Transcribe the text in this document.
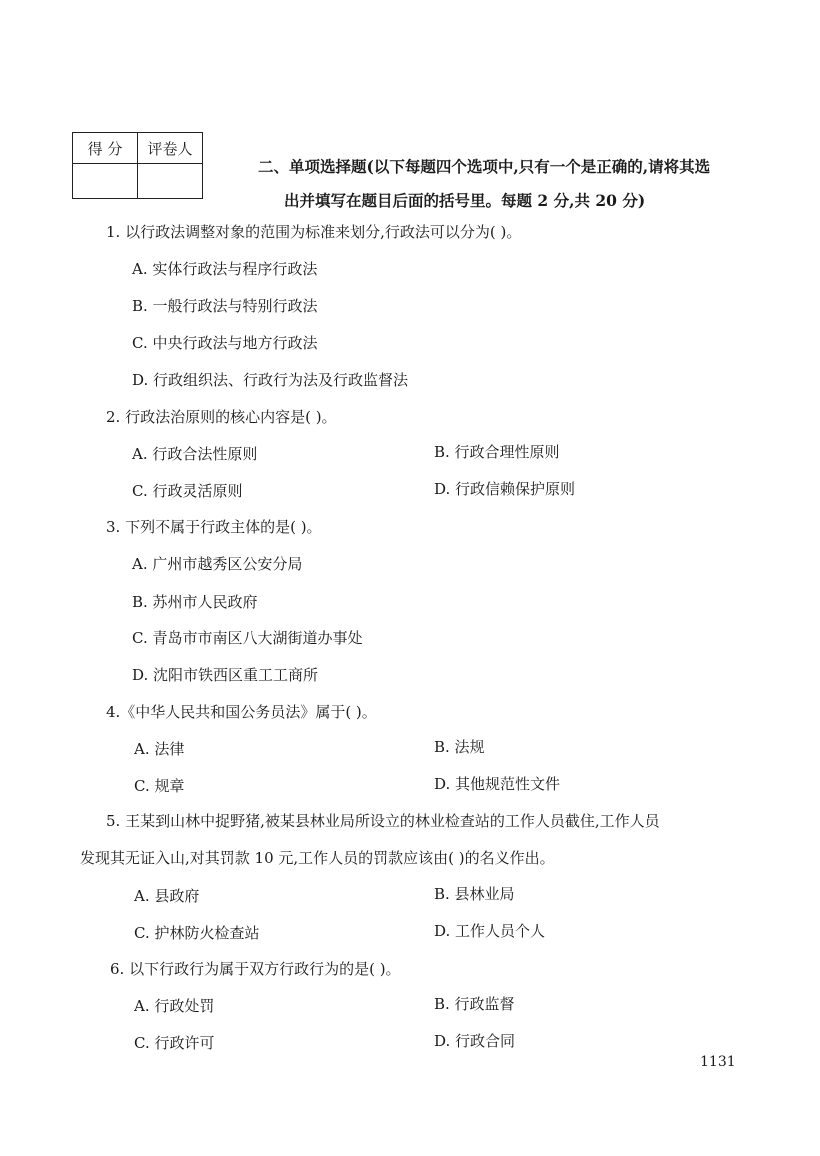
得 分	评卷人

二、单项选择题(以下每题四个选项中,只有一个是正确的,请将其选
出并填写在题目后面的括号里。每题 2 分,共 20 分)
1. 以行政法调整对象的范围为标准来划分,行政法可以分为( )。
A. 实体行政法与程序行政法
B. 一般行政法与特别行政法
C. 中央行政法与地方行政法
D. 行政组织法、行政行为法及行政监督法
2. 行政法治原则的核心内容是( )。
A. 行政合法性原则	B. 行政合理性原则
C. 行政灵活原则	D. 行政信赖保护原则
3. 下列不属于行政主体的是( )。
A. 广州市越秀区公安分局
B. 苏州市人民政府
C. 青岛市市南区八大湖街道办事处
D. 沈阳市铁西区重工工商所
4.《中华人民共和国公务员法》属于( )。
A. 法律	B. 法规
C. 规章	D. 其他规范性文件
5. 王某到山林中捉野猪,被某县林业局所设立的林业检查站的工作人员截住,工作人员
发现其无证入山,对其罚款 10 元,工作人员的罚款应该由( )的名义作出。
A. 县政府	B. 县林业局
C. 护林防火检查站	D. 工作人员个人
6. 以下行政行为属于双方行政行为的是( )。
A. 行政处罚	B. 行政监督
C. 行政许可	D. 行政合同
1131
